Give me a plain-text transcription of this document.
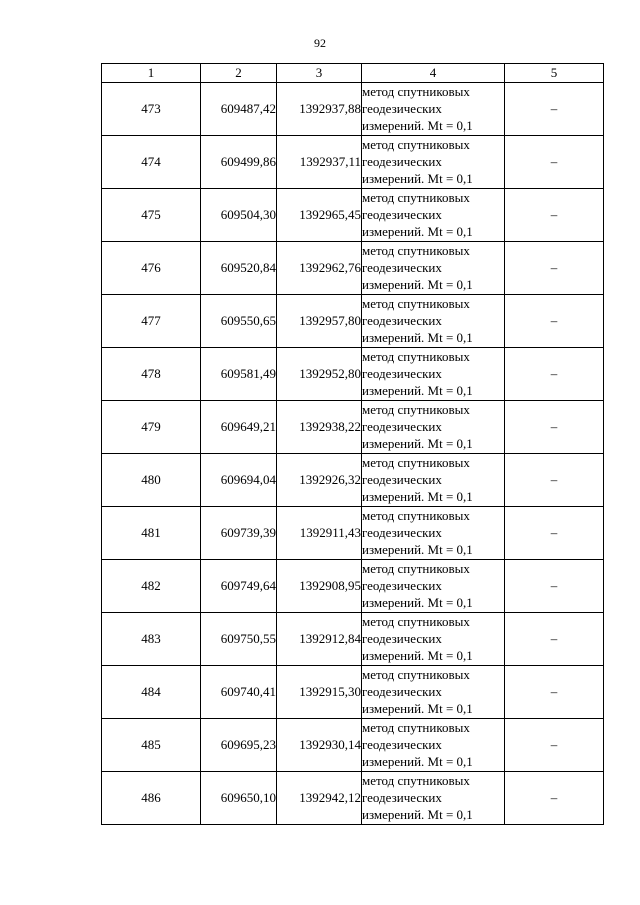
92
1	2	3	4	5
473	609487,42	1392937,88	метод спутниковых
геодезических
измерений. Mt = 0,1	–
474	609499,86	1392937,11	метод спутниковых
геодезических
измерений. Mt = 0,1	–
475	609504,30	1392965,45	метод спутниковых
геодезических
измерений. Mt = 0,1	–
476	609520,84	1392962,76	метод спутниковых
геодезических
измерений. Mt = 0,1	–
477	609550,65	1392957,80	метод спутниковых
геодезических
измерений. Mt = 0,1	–
478	609581,49	1392952,80	метод спутниковых
геодезических
измерений. Mt = 0,1	–
479	609649,21	1392938,22	метод спутниковых
геодезических
измерений. Mt = 0,1	–
480	609694,04	1392926,32	метод спутниковых
геодезических
измерений. Mt = 0,1	–
481	609739,39	1392911,43	метод спутниковых
геодезических
измерений. Mt = 0,1	–
482	609749,64	1392908,95	метод спутниковых
геодезических
измерений. Mt = 0,1	–
483	609750,55	1392912,84	метод спутниковых
геодезических
измерений. Mt = 0,1	–
484	609740,41	1392915,30	метод спутниковых
геодезических
измерений. Mt = 0,1	–
485	609695,23	1392930,14	метод спутниковых
геодезических
измерений. Mt = 0,1	–
486	609650,10	1392942,12	метод спутниковых
геодезических
измерений. Mt = 0,1	–
